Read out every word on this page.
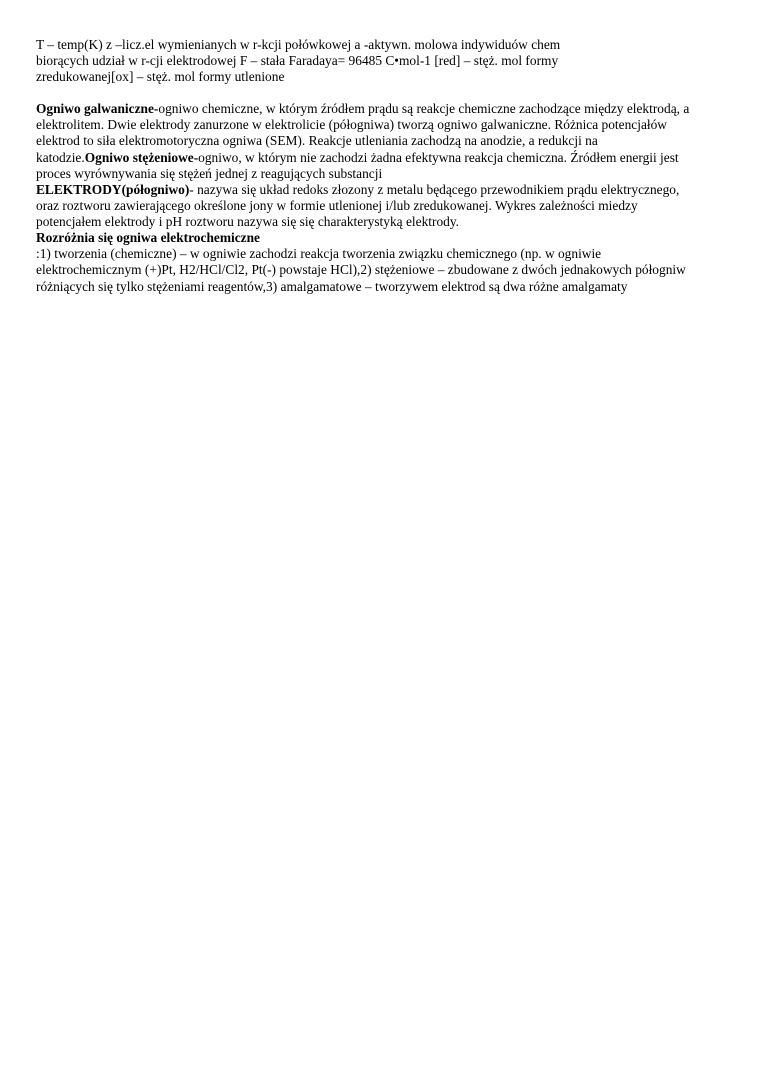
T – temp(K) z –licz.el wymienianych w r-kcji połówkowej a -aktywn. molowa indywiduów chem
biorących udział w r-cji elektrodowej F – stała Faradaya= 96485 C•mol-1 [red] – stęż. mol formy
zredukowanej[ox] – stęż. mol formy utlenione
Ogniwo galwaniczne-ogniwo chemiczne, w którym źródłem prądu są reakcje chemiczne zachodzące między elektrodą, a
elektrolitem. Dwie elektrody zanurzone w elektrolicie (półogniwa) tworzą ogniwo galwaniczne. Różnica potencjałów
elektrod to siła elektromotoryczna ogniwa (SEM). Reakcje utleniania zachodzą na anodzie, a redukcji na
katodzie.Ogniwo stężeniowe-ogniwo, w którym nie zachodzi żadna efektywna reakcja chemiczna. Źródłem energii jest
proces wyrównywania się stężeń jednej z reagujących substancji
ELEKTRODY(półogniwo)- nazywa się układ redoks złozony z metalu będącego przewodnikiem prądu elektrycznego,
oraz roztworu zawierającego określone jony w formie utlenionej i/lub zredukowanej. Wykres zależności miedzy
potencjałem elektrody i pH roztworu nazywa się się charakterystyką elektrody.
Rozróżnia się ogniwa elektrochemiczne
:1) tworzenia (chemiczne) – w ogniwie zachodzi reakcja tworzenia związku chemicznego (np. w ogniwie
elektrochemicznym (+)Pt, H2/HCl/Cl2, Pt(-) powstaje HCl),2) stężeniowe – zbudowane z dwóch jednakowych półogniw
różniących się tylko stężeniami reagentów,3) amalgamatowe – tworzywem elektrod są dwa różne amalgamaty
